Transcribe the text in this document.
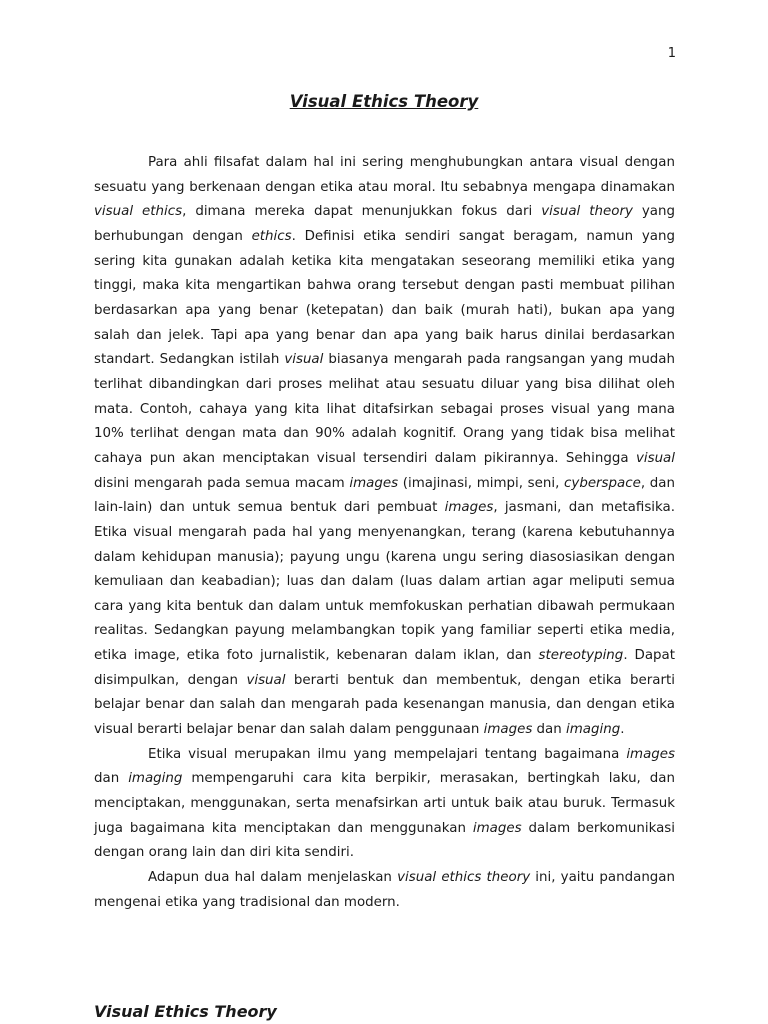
1
Visual Ethics Theory

Para ahli filsafat dalam hal ini sering menghubungkan antara visual dengan sesuatu yang berkenaan dengan etika atau moral. Itu sebabnya mengapa dinamakan visual ethics, dimana mereka dapat menunjukkan fokus dari visual theory yang berhubungan dengan ethics. Definisi etika sendiri sangat beragam, namun yang sering kita gunakan adalah ketika kita mengatakan seseorang memiliki etika yang tinggi, maka kita mengartikan bahwa orang tersebut dengan pasti membuat pilihan berdasarkan apa yang benar (ketepatan) dan baik (murah hati), bukan apa yang salah dan jelek. Tapi apa yang benar dan apa yang baik harus dinilai berdasarkan standart. Sedangkan istilah visual biasanya mengarah pada rangsangan yang mudah terlihat dibandingkan dari proses melihat atau sesuatu diluar yang bisa dilihat oleh mata. Contoh, cahaya yang kita lihat ditafsirkan sebagai proses visual yang mana 10% terlihat dengan mata dan 90% adalah kognitif. Orang yang tidak bisa melihat cahaya pun akan menciptakan visual tersendiri dalam pikirannya. Sehingga visual disini mengarah pada semua macam images (imajinasi, mimpi, seni, cyberspace, dan lain-lain) dan untuk semua bentuk dari pembuat images, jasmani, dan metafisika. Etika visual mengarah pada hal yang menyenangkan, terang (karena kebutuhannya dalam kehidupan manusia); payung ungu (karena ungu sering diasosiasikan dengan kemuliaan dan keabadian); luas dan dalam (luas dalam artian agar meliputi semua cara yang kita bentuk dan dalam untuk memfokuskan perhatian dibawah permukaan realitas. Sedangkan payung melambangkan topik yang familiar seperti etika media, etika image, etika foto jurnalistik, kebenaran dalam iklan, dan stereotyping. Dapat disimpulkan, dengan visual berarti bentuk dan membentuk, dengan etika berarti belajar benar dan salah dan mengarah pada kesenangan manusia, dan dengan etika visual berarti belajar benar dan salah dalam penggunaan images dan imaging.

Etika visual merupakan ilmu yang mempelajari tentang bagaimana images dan imaging mempengaruhi cara kita berpikir, merasakan, bertingkah laku, dan menciptakan, menggunakan, serta menafsirkan arti untuk baik atau buruk. Termasuk juga bagaimana kita menciptakan dan menggunakan images dalam berkomunikasi dengan orang lain dan diri kita sendiri.

Adapun dua hal dalam menjelaskan visual ethics theory ini, yaitu pandangan mengenai etika yang tradisional dan modern.

Visual Ethics Theory
